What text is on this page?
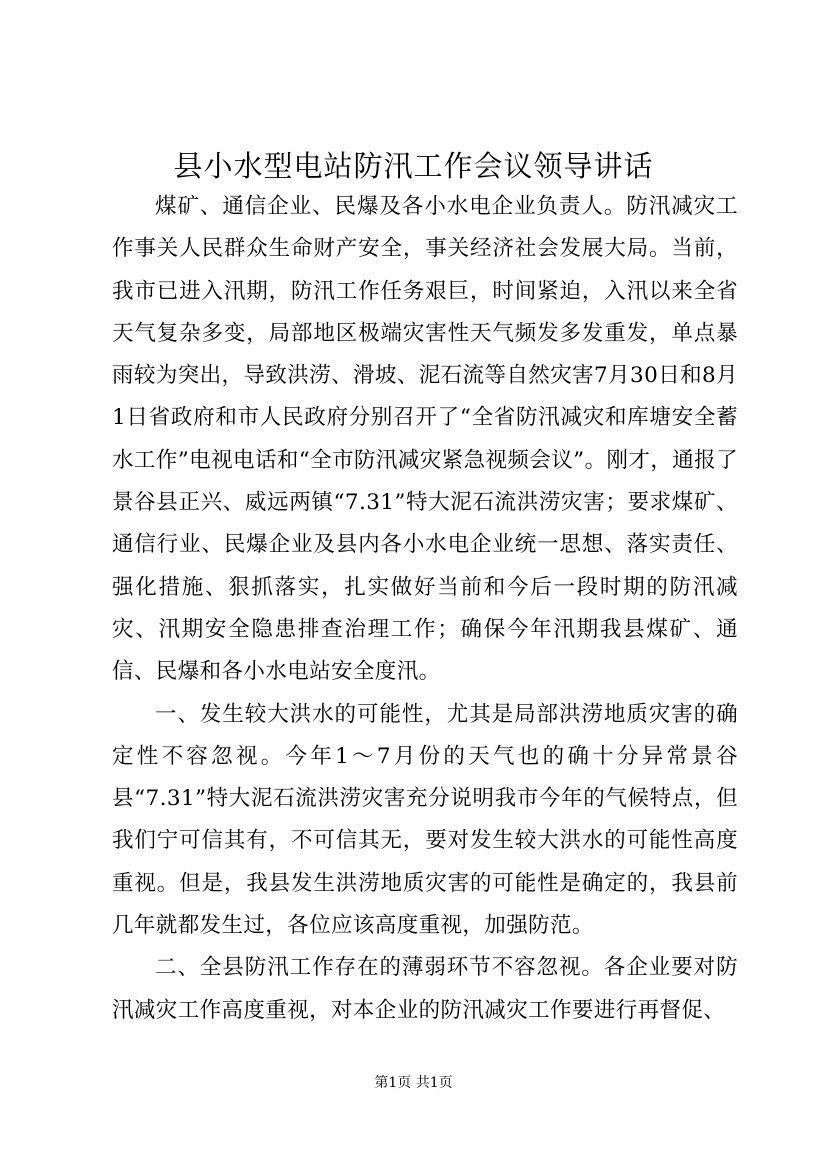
县小水型电站防汛工作会议领导讲话

煤矿、通信企业、民爆及各小水电企业负责人。防汛减灾工作事关人民群众生命财产安全，事关经济社会发展大局。当前，我市已进入汛期，防汛工作任务艰巨，时间紧迫，入汛以来全省天气复杂多变，局部地区极端灾害性天气频发多发重发，单点暴雨较为突出，导致洪涝、滑坡、泥石流等自然灾害7月30日和8月1日省政府和市人民政府分别召开了“全省防汛减灾和库塘安全蓄水工作”电视电话和“全市防汛减灾紧急视频会议”。刚才，通报了景谷县正兴、威远两镇“7.31”特大泥石流洪涝灾害；要求煤矿、通信行业、民爆企业及县内各小水电企业统一思想、落实责任、强化措施、狠抓落实，扎实做好当前和今后一段时期的防汛减灾、汛期安全隐患排查治理工作；确保今年汛期我县煤矿、通信、民爆和各小水电站安全度汛。

一、发生较大洪水的可能性，尤其是局部洪涝地质灾害的确定性不容忽视。今年1～7月份的天气也的确十分异常景谷县“7.31”特大泥石流洪涝灾害充分说明我市今年的气候特点，但我们宁可信其有，不可信其无，要对发生较大洪水的可能性高度重视。但是，我县发生洪涝地质灾害的可能性是确定的，我县前几年就都发生过，各位应该高度重视，加强防范。

二、全县防汛工作存在的薄弱环节不容忽视。各企业要对防汛减灾工作高度重视，对本企业的防汛减灾工作要进行再督促、

第1页 共1页
